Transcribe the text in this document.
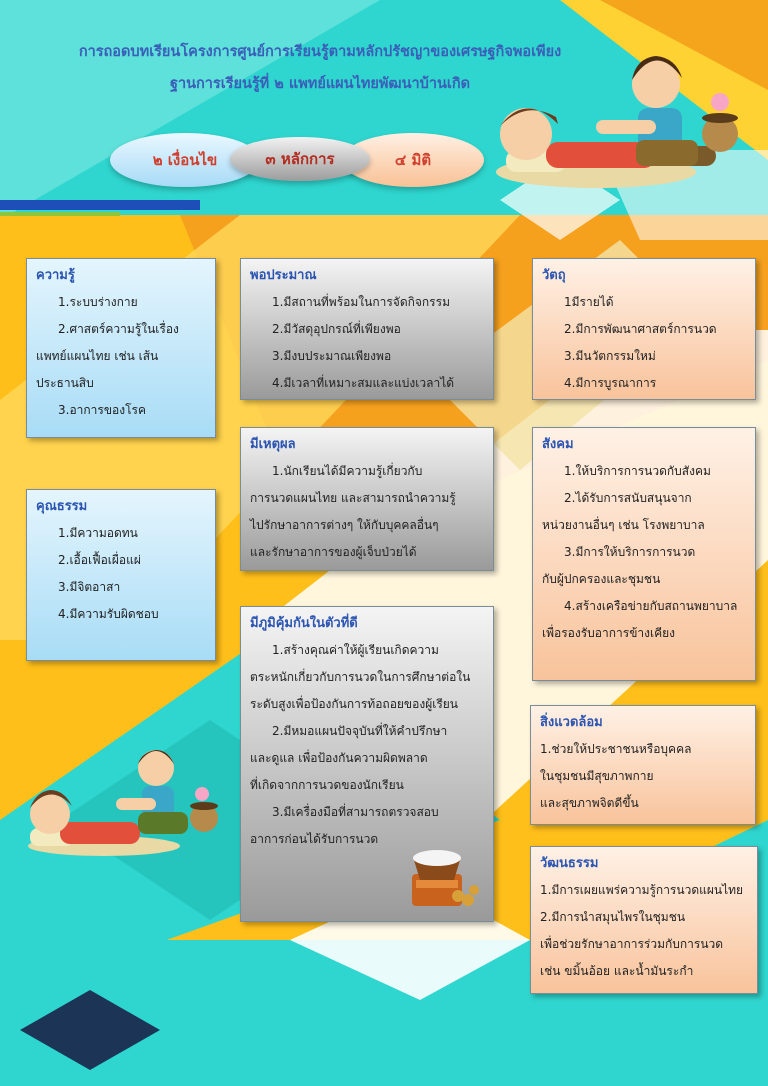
การถอดบทเรียนโครงการศูนย์การเรียนรู้ตามหลักปรัชญาของเศรษฐกิจพอเพียง
ฐานการเรียนรู้ที่ ๒ แพทย์แผนไทยพัฒนาบ้านเกิด
๒ เงื่อนไข	๔ มิติ
๓ หลักการ
ความรู้

1.ระบบร่างกาย

2.ศาสตร์ความรู้ในเรื่อง

แพทย์แผนไทย เช่น เส้น

ประธานสิบ

3.อาการของโรค

คุณธรรม

1.มีความอดทน

2.เอื้อเฟื้อเผื่อแผ่

3.มีจิตอาสา

4.มีความรับผิดชอบ

พอประมาณ

1.มีสถานที่พร้อมในการจัดกิจกรรม

2.มีวัสดุอุปกรณ์ที่เพียงพอ

3.มีงบประมาณเพียงพอ

4.มีเวลาที่เหมาะสมและแบ่งเวลาได้

มีเหตุผล

1.นักเรียนได้มีความรู้เกี่ยวกับ

การนวดแผนไทย และสามารถนำความรู้

ไปรักษาอาการต่างๆ ให้กับบุคคลอื่นๆ

และรักษาอาการของผู้เจ็บป่วยได้

มีภูมิคุ้มกันในตัวที่ดี

1.สร้างคุณค่าให้ผู้เรียนเกิดความ

ตระหนักเกี่ยวกับการนวดในการศึกษาต่อใน

ระดับสูงเพื่อป้องกันการท้อถอยของผู้เรียน

2.มีหมอแผนปัจจุบันที่ให้คำปรึกษา

และดูแล เพื่อป้องกันความผิดพลาด

ที่เกิดจากการนวดของนักเรียน

3.มีเครื่องมือที่สามารถตรวจสอบ

อาการก่อนได้รับการนวด

วัตถุ

1มีรายได้

2.มีการพัฒนาศาสตร์การนวด

3.มีนวัตกรรมใหม่

4.มีการบูรณาการ

สังคม

1.ให้บริการการนวดกับสังคม

2.ได้รับการสนับสนุนจาก

หน่วยงานอื่นๆ เช่น โรงพยาบาล

3.มีการให้บริการการนวด

กับผู้ปกครองและชุมชน

4.สร้างเครือข่ายกับสถานพยาบาล

เพื่อรองรับอาการข้างเคียง

สิ่งแวดล้อม

1.ช่วยให้ประชาชนหรือบุคคล

ในชุมชนมีสุขภาพกาย

และสุขภาพจิตดีขึ้น

วัฒนธรรม

1.มีการเผยแพร่ความรู้การนวดแผนไทย

2.มีการนำสมุนไพรในชุมชน

เพื่อช่วยรักษาอาการร่วมกับการนวด

เช่น ขมิ้นอ้อย และน้ำมันระกำ
